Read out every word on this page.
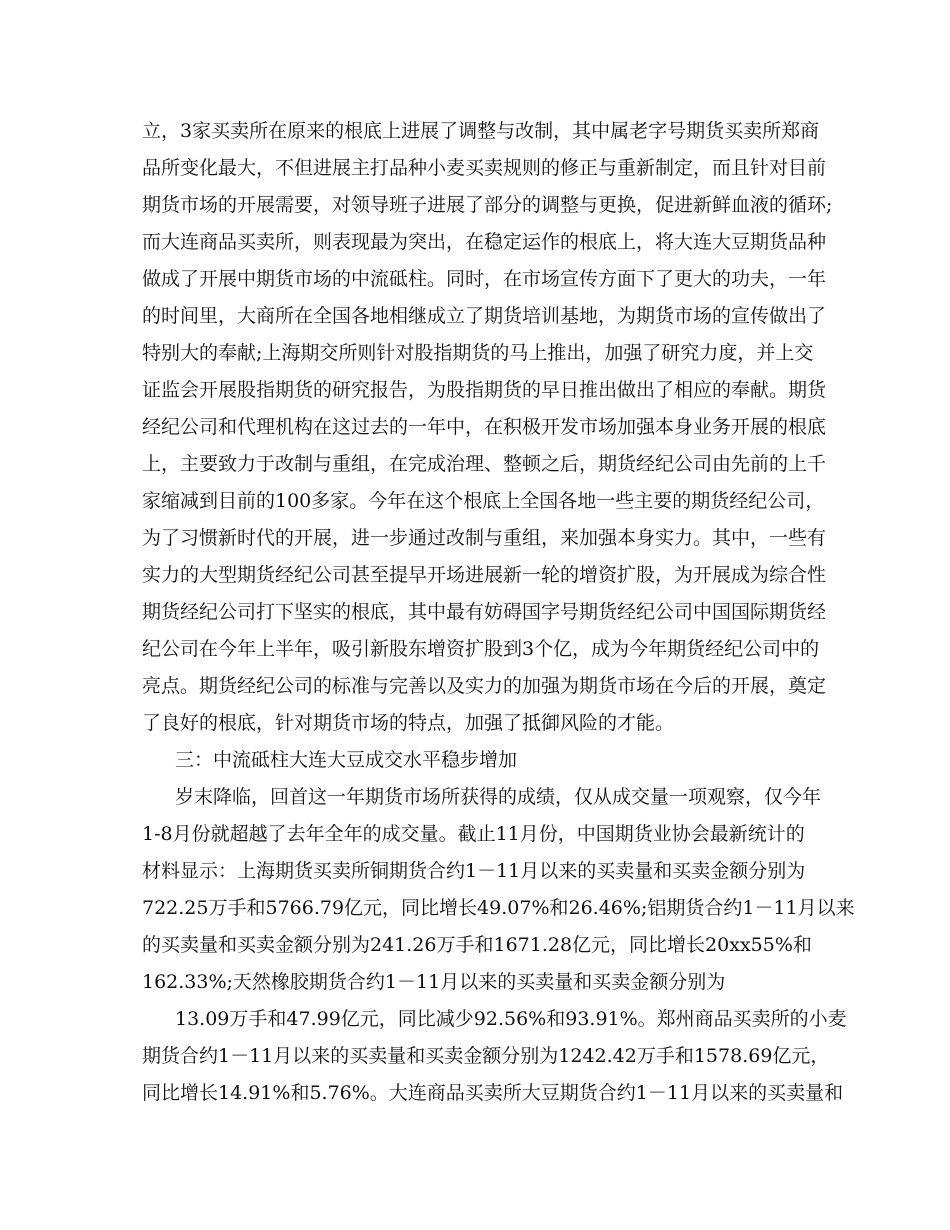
立，3家买卖所在原来的根底上进展了调整与改制，其中属老字号期货买卖所郑商
品所变化最大，不但进展主打品种小麦买卖规则的修正与重新制定，而且针对目前
期货市场的开展需要，对领导班子进展了部分的调整与更换，促进新鲜血液的循环;
而大连商品买卖所，则表现最为突出，在稳定运作的根底上，将大连大豆期货品种
做成了开展中期货市场的中流砥柱。同时，在市场宣传方面下了更大的功夫，一年
的时间里，大商所在全国各地相继成立了期货培训基地，为期货市场的宣传做出了
特别大的奉献;上海期交所则针对股指期货的马上推出，加强了研究力度，并上交
证监会开展股指期货的研究报告，为股指期货的早日推出做出了相应的奉献。期货
经纪公司和代理机构在这过去的一年中，在积极开发市场加强本身业务开展的根底
上，主要致力于改制与重组，在完成治理、整顿之后，期货经纪公司由先前的上千
家缩减到目前的100多家。今年在这个根底上全国各地一些主要的期货经纪公司，
为了习惯新时代的开展，进一步通过改制与重组，来加强本身实力。其中，一些有
实力的大型期货经纪公司甚至提早开场进展新一轮的增资扩股，为开展成为综合性
期货经纪公司打下坚实的根底，其中最有妨碍国字号期货经纪公司中国国际期货经
纪公司在今年上半年，吸引新股东增资扩股到3个亿，成为今年期货经纪公司中的
亮点。期货经纪公司的标准与完善以及实力的加强为期货市场在今后的开展，奠定
了良好的根底，针对期货市场的特点，加强了抵御风险的才能。
三：中流砥柱大连大豆成交水平稳步增加
岁末降临，回首这一年期货市场所获得的成绩，仅从成交量一项观察，仅今年
1-8月份就超越了去年全年的成交量。截止11月份，中国期货业协会最新统计的
材料显示：上海期货买卖所铜期货合约1－11月以来的买卖量和买卖金额分别为
722.25万手和5766.79亿元，同比增长49.07%和26.46%;铝期货合约1－11月以来
的买卖量和买卖金额分别为241.26万手和1671.28亿元，同比增长20xx55%和
162.33%;天然橡胶期货合约1－11月以来的买卖量和买卖金额分别为
13.09万手和47.99亿元，同比减少92.56%和93.91%。郑州商品买卖所的小麦
期货合约1－11月以来的买卖量和买卖金额分别为1242.42万手和1578.69亿元，
同比增长14.91%和5.76%。大连商品买卖所大豆期货合约1－11月以来的买卖量和
